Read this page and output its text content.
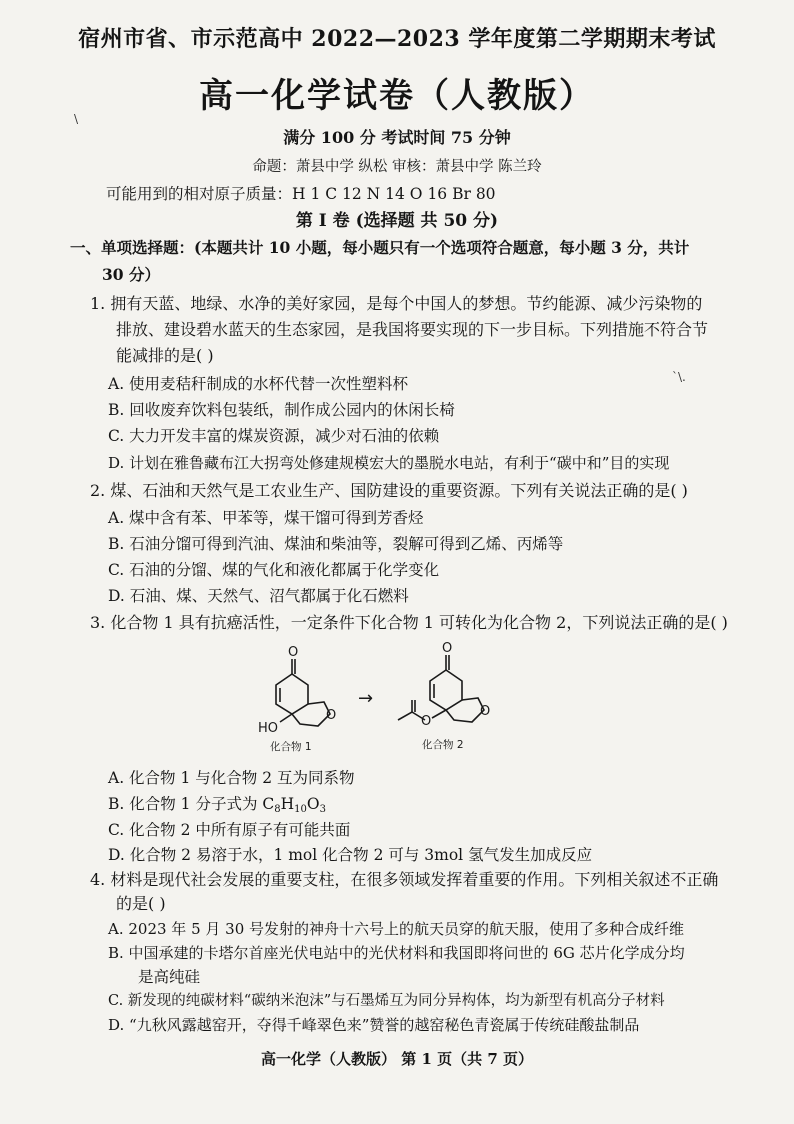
\
`\.
宿州市省、市示范高中 2022—2023 学年度第二学期期末考试
高一化学试卷（人教版）
满分 100 分 考试时间 75 分钟
命题：萧县中学 纵松 审核：萧县中学 陈兰玲
可能用到的相对原子质量：H 1 C 12 N 14 O 16 Br 80
第 I 卷 (选择题 共 50 分)
一、单项选择题：(本题共计 10 小题，每小题只有一个选项符合题意，每小题 3 分，共计
30 分）
1. 拥有天蓝、地绿、水净的美好家园，是每个中国人的梦想。节约能源、减少污染物的
排放、建设碧水蓝天的生态家园，是我国将要实现的下一步目标。下列措施不符合节
能减排的是( )
A. 使用麦秸秆制成的水杯代替一次性塑料杯
B. 回收废弃饮料包装纸，制作成公园内的休闲长椅
C. 大力开发丰富的煤炭资源，减少对石油的依赖
D. 计划在雅鲁藏布江大拐弯处修建规模宏大的墨脱水电站，有利于“碳中和”目的实现
2. 煤、石油和天然气是工农业生产、国防建设的重要资源。下列有关说法正确的是( )
A. 煤中含有苯、甲苯等，煤干馏可得到芳香烃
B. 石油分馏可得到汽油、煤油和柴油等，裂解可得到乙烯、丙烯等
C. 石油的分馏、煤的气化和液化都属于化学变化
D. 石油、煤、天然气、沼气都属于化石燃料
3. 化合物 1 具有抗癌活性，一定条件下化合物 1 可转化为化合物 2，下列说法正确的是( )
O
O
HO
O
O
O
→
化合物 1	化合物 2
A. 化合物 1 与化合物 2 互为同系物
B. 化合物 1 分子式为 $C_8H_{10}O_3$
C. 化合物 2 中所有原子有可能共面
D. 化合物 2 易溶于水，1 mol 化合物 2 可与 3mol 氢气发生加成反应
4. 材料是现代社会发展的重要支柱，在很多领域发挥着重要的作用。下列相关叙述不正确
的是( )
A. 2023 年 5 月 30 号发射的神舟十六号上的航天员穿的航天服，使用了多种合成纤维
B. 中国承建的卡塔尔首座光伏电站中的光伏材料和我国即将问世的 6G 芯片化学成分均
是高纯硅
C. 新发现的纯碳材料“碳纳米泡沫”与石墨烯互为同分异构体，均为新型有机高分子材料
D. “九秋风露越窑开，夺得千峰翠色来”赞誉的越窑秘色青瓷属于传统硅酸盐制品
高一化学（人教版） 第 1 页（共 7 页）
